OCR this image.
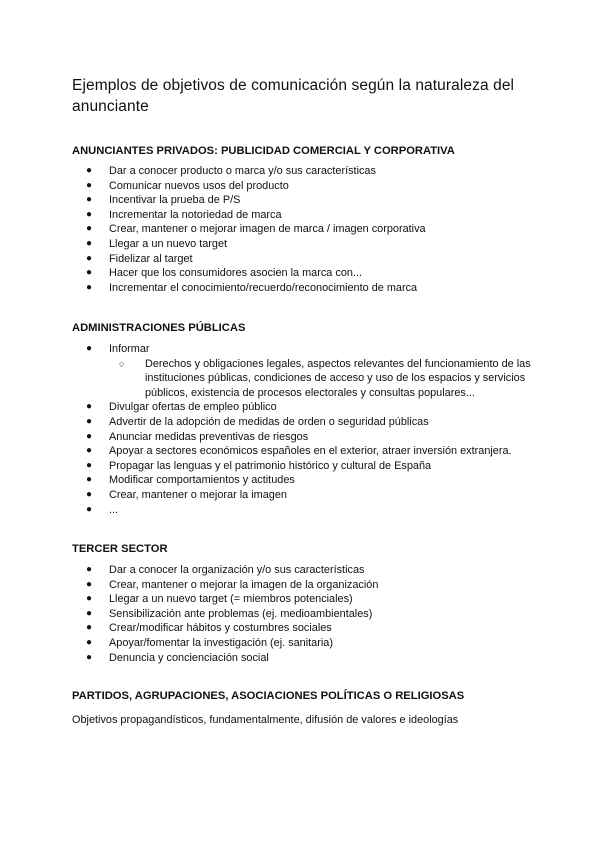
Ejemplos de objetivos de comunicación según la naturaleza del anunciante
ANUNCIANTES PRIVADOS: PUBLICIDAD COMERCIAL Y CORPORATIVA
● Dar a conocer producto o marca y/o sus características
● Comunicar nuevos usos del producto
● Incentivar la prueba de P/S
● Incrementar la notoriedad de marca
● Crear, mantener o mejorar imagen de marca / imagen corporativa
● Llegar a un nuevo target
● Fidelizar al target
● Hacer que los consumidores asocien la marca con...
● Incrementar el conocimiento/recuerdo/reconocimiento de marca
ADMINISTRACIONES PÚBLICAS
● Informar
○ Derechos y obligaciones legales, aspectos relevantes del funcionamiento de las instituciones públicas, condiciones de acceso y uso de los espacios y servicios públicos, existencia de procesos electorales y consultas populares...
● Divulgar ofertas de empleo público
● Advertir de la adopción de medidas de orden o seguridad públicas
● Anunciar medidas preventivas de riesgos
● Apoyar a sectores económicos españoles en el exterior, atraer inversión extranjera.
● Propagar las lenguas y el patrimonio histórico y cultural de España
● Modificar comportamientos y actitudes
● Crear, mantener o mejorar la imagen
● ...
TERCER SECTOR
● Dar a conocer la organización y/o sus características
● Crear, mantener o mejorar la imagen de la organización
● Llegar a un nuevo target (= miembros potenciales)
● Sensibilización ante problemas (ej. medioambientales)
● Crear/modificar hábitos y costumbres sociales
● Apoyar/fomentar la investigación (ej. sanitaria)
● Denuncia y concienciación social
PARTIDOS, AGRUPACIONES, ASOCIACIONES POLÍTICAS O RELIGIOSAS
Objetivos propagandísticos, fundamentalmente, difusión de valores e ideologías
